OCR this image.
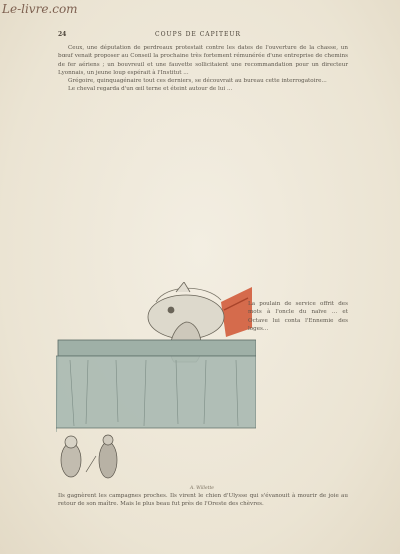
Le-livre.com
24	COUPS DE CAPITEUR

Ceux, une députation de perdreaux protestait contre les dates de l'ouverture de la chasse, un bœuf venait proposer au Conseil la prochaine très fortement rémunérée d'une entreprise de chemins de fer aériens ; un bouvreuil et une fauvette sollicitaient une recommandation pour un directeur Lyonnais, un jeune loup espérait à l'Institut ...

Grégoire, quinquagénaire tout ces derniers, se découvrait au bureau cette interrogatoire...

Le cheval regarda d'un œil terne et éteint autour de lui ...

La poulain de service offrit des mots à l'oncle du naïve ... et Octave lui conta l'Ennemie des loges...
A. Willette
Ils gagnèrent les campagnes proches. Ils virent le chien d'Ulysse qui s'évanouit à mourir de joie au retour de son maître. Mais le plus beau fut près de l'Oreste des chèvres.
